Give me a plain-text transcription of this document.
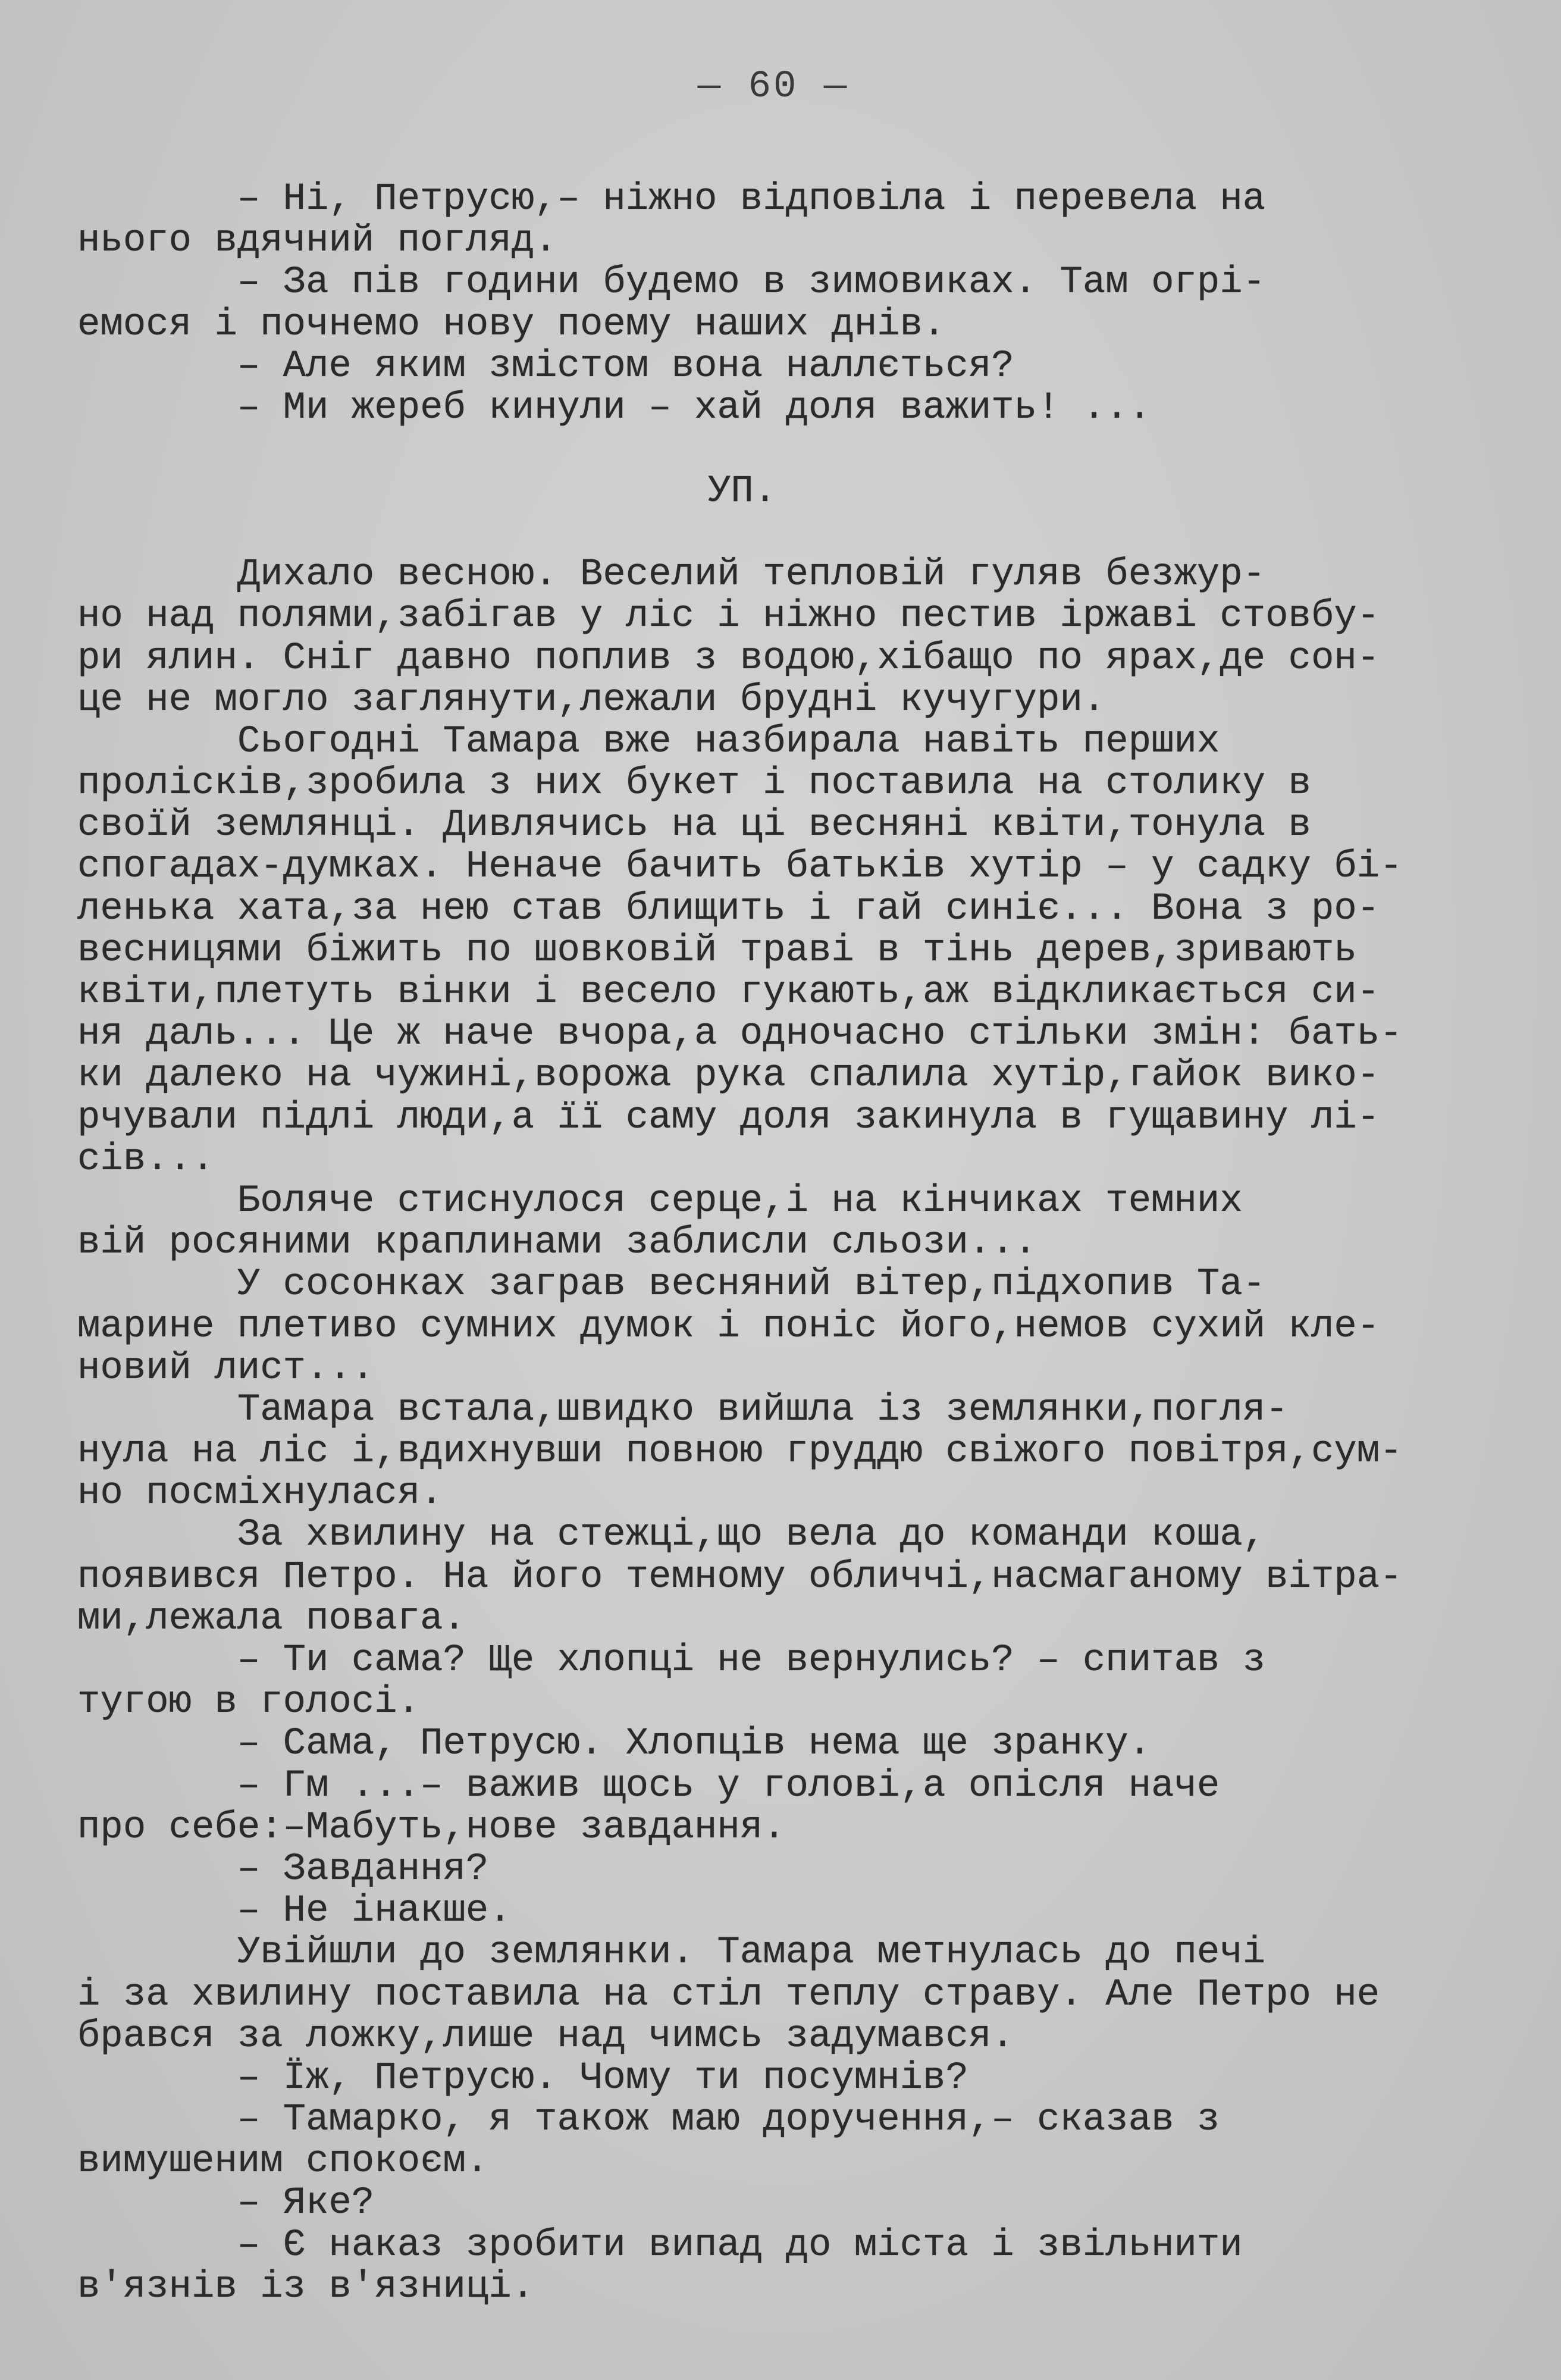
— 60 —
– Ні, Петрусю,– ніжно відповіла і перевела на
нього вдячний погляд.
– За пів години будемо в зимовиках. Там огрі-
емося і почнемо нову поему наших днів.
– Але яким змістом вона наллється?
– Ми жереб кинули – хай доля важить! ...
УП.
Дихало весною. Веселий тепловій гуляв безжур-
но над полями,забігав у ліс і ніжно пестив іржаві стовбу-
ри ялин. Сніг давно поплив з водою,хібащо по ярах,де сон-
це не могло заглянути,лежали брудні кучугури.
Сьогодні Тамара вже назбирала навіть перших
пролісків,зробила з них букет і поставила на столику в
своїй землянці. Дивлячись на ці весняні квіти,тонула в
спогадах-думках. Неначе бачить батьків хутір – у садку бі-
ленька хата,за нею став блищить і гай синіє... Вона з ро-
весницями біжить по шовковій траві в тінь дерев,зривають
квіти,плетуть вінки і весело гукають,аж відкликається си-
ня даль... Це ж наче вчора,а одночасно стільки змін: бать-
ки далеко на чужині,ворожа рука спалила хутір,гайок вико-
рчували підлі люди,а її саму доля закинула в гущавину лі-
сів...
Боляче стиснулося серце,і на кінчиках темних
вій росяними краплинами заблисли сльози...
У сосонках заграв весняний вітер,підхопив Та-
марине плетиво сумних думок і поніс його,немов сухий кле-
новий лист...
Тамара встала,швидко вийшла із землянки,погля-
нула на ліс і,вдихнувши повною груддю свіжого повітря,сум-
но посміхнулася.
За хвилину на стежці,що вела до команди коша,
появився Петро. На його темному обличчі,насмаганому вітра-
ми,лежала повага.
– Ти сама? Ще хлопці не вернулись? – спитав з
тугою в голосі.
– Сама, Петрусю. Хлопців нема ще зранку.
– Гм ...– важив щось у голові,а опісля наче
про себе:–Мабуть,нове завдання.
– Завдання?
– Не інакше.
Увійшли до землянки. Тамара метнулась до печі
і за хвилину поставила на стіл теплу страву. Але Петро не
брався за ложку,лише над чимсь задумався.
– Їж, Петрусю. Чому ти посумнів?
– Тамарко, я також маю доручення,– сказав з
вимушеним спокоєм.
– Яке?
– Є наказ зробити випад до міста і звільнити
в'язнів із в'язниці.
